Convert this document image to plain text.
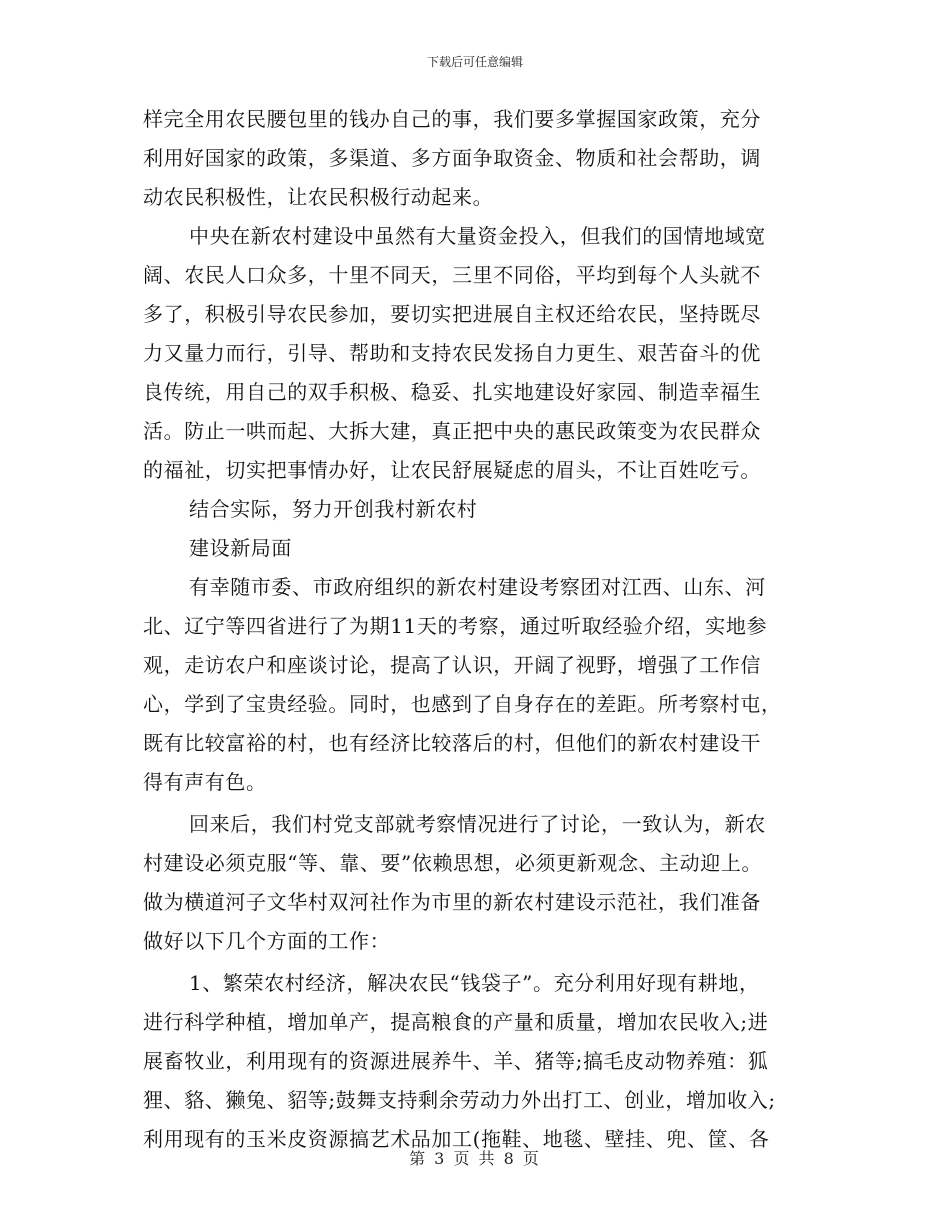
下载后可任意编辑
样完全用农民腰包里的钱办自己的事，我们要多掌握国家政策，充分
利用好国家的政策，多渠道、多方面争取资金、物质和社会帮助，调
动农民积极性，让农民积极行动起来。
中央在新农村建设中虽然有大量资金投入，但我们的国情地域宽
阔、农民人口众多，十里不同天，三里不同俗，平均到每个人头就不
多了，积极引导农民参加，要切实把进展自主权还给农民，坚持既尽
力又量力而行，引导、帮助和支持农民发扬自力更生、艰苦奋斗的优
良传统，用自己的双手积极、稳妥、扎实地建设好家园、制造幸福生
活。防止一哄而起、大拆大建，真正把中央的惠民政策变为农民群众
的福祉，切实把事情办好，让农民舒展疑虑的眉头，不让百姓吃亏。
结合实际，努力开创我村新农村
建设新局面
有幸随市委、市政府组织的新农村建设考察团对江西、山东、河
北、辽宁等四省进行了为期11天的考察，通过听取经验介绍，实地参
观，走访农户和座谈讨论，提高了认识，开阔了视野，增强了工作信
心，学到了宝贵经验。同时，也感到了自身存在的差距。所考察村屯，
既有比较富裕的村，也有经济比较落后的村，但他们的新农村建设干
得有声有色。
回来后，我们村党支部就考察情况进行了讨论，一致认为，新农
村建设必须克服“等、靠、要”依赖思想，必须更新观念、主动迎上。
做为横道河子文华村双河社作为市里的新农村建设示范社，我们准备
做好以下几个方面的工作：
1、繁荣农村经济，解决农民“钱袋子”。充分利用好现有耕地，
进行科学种植，增加单产，提高粮食的产量和质量，增加农民收入;进
展畜牧业，利用现有的资源进展养牛、羊、猪等;搞毛皮动物养殖：狐
狸、貉、獭兔、貂等;鼓舞支持剩余劳动力外出打工、创业，增加收入;
利用现有的玉米皮资源搞艺术品加工(拖鞋、地毯、壁挂、兜、筐、各
第 3 页 共 8 页
